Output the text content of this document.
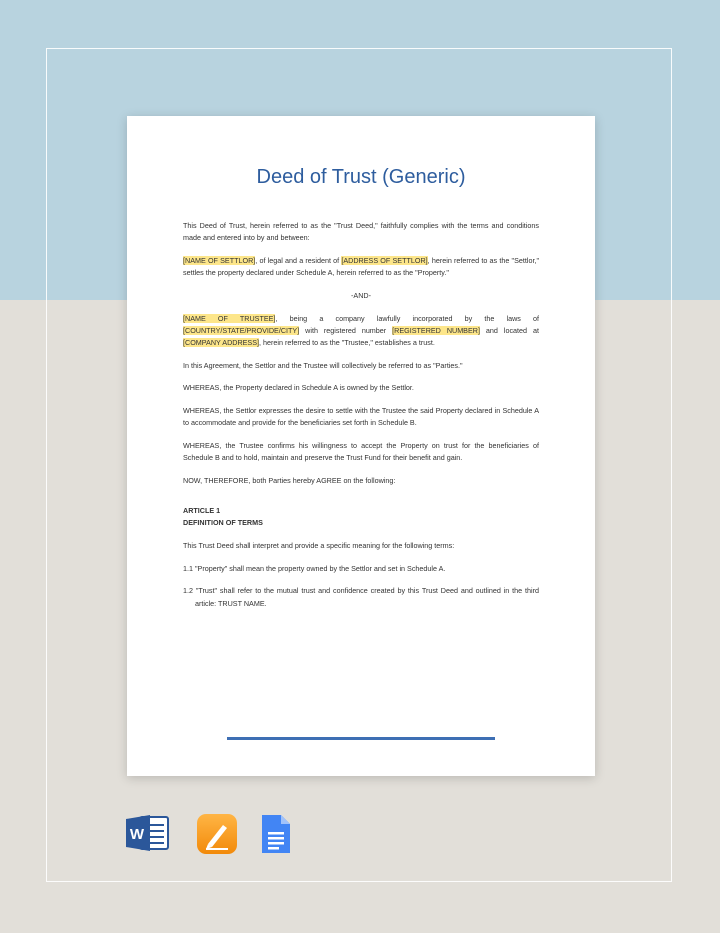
Deed of Trust (Generic)

This Deed of Trust, herein referred to as the "Trust Deed," faithfully complies with the terms and conditions made and entered into by and between:

[NAME OF SETTLOR], of legal and a resident of [ADDRESS OF SETTLOR], herein referred to as the "Settlor," settles the property declared under Schedule A, herein referred to as the "Property."

-AND-

[NAME OF TRUSTEE], being a company lawfully incorporated by the laws of [COUNTRY/STATE/PROVIDE/CITY] with registered number [REGISTERED NUMBER] and located at [COMPANY ADDRESS], herein referred to as the "Trustee," establishes a trust.

In this Agreement, the Settlor and the Trustee will collectively be referred to as "Parties."

WHEREAS, the Property declared in Schedule A is owned by the Settlor.

WHEREAS, the Settlor expresses the desire to settle with the Trustee the said Property declared in Schedule A to accommodate and provide for the beneficiaries set forth in Schedule B.

WHEREAS, the Trustee confirms his willingness to accept the Property on trust for the beneficiaries of Schedule B and to hold, maintain and preserve the Trust Fund for their benefit and gain.

NOW, THEREFORE, both Parties hereby AGREE on the following:

ARTICLE 1

DEFINITION OF TERMS

This Trust Deed shall interpret and provide a specific meaning for the following terms:

1.1 "Property" shall mean the property owned by the Settlor and set in Schedule A.

1.2 "Trust" shall refer to the mutual trust and confidence created by this Trust Deed and outlined in the third article: TRUST NAME.

W
